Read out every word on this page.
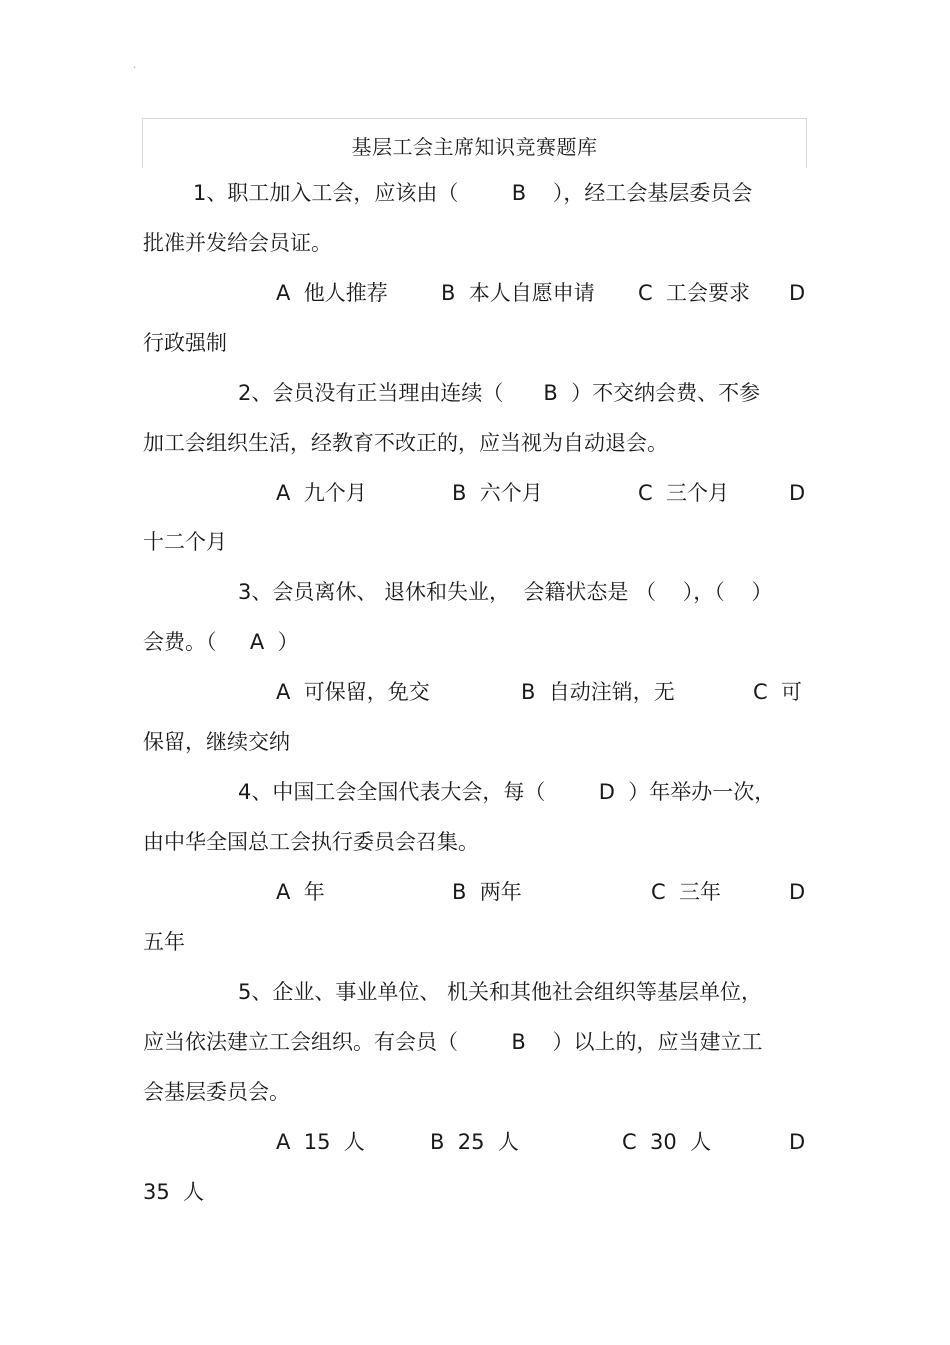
`
基层工会主席知识竞赛题库
1、职工加入工会，应该由（        B    ），经工会基层委员会
批准并发给会员证。
A  他人推荐	B  本人自愿申请 C  工会要求 D
行政强制
2、会员没有正当理由连续（      B  ）不交纳会费、不参
加工会组织生活，经教育不改正的，应当视为自动退会。
A  九个月	B  六个月	C  三个月	D
十二个月
3、会员离休、 退休和失业，  会籍状态是 （    ），（    ）
会费。（     A  ）
A  可保留，免交	B  自动注销，无	C  可
保留，继续交纳
4、中国工会全国代表大会，每（        D  ）年举办一次，
由中华全国总工会执行委员会召集。
A  年	B  两年	C  三年	D
五年
5、企业、事业单位、 机关和其他社会组织等基层单位，
应当依法建立工会组织。有会员（        B    ）以上的，应当建立工
会基层委员会。
A  15  人	B  25  人	C  30  人	D
35  人
